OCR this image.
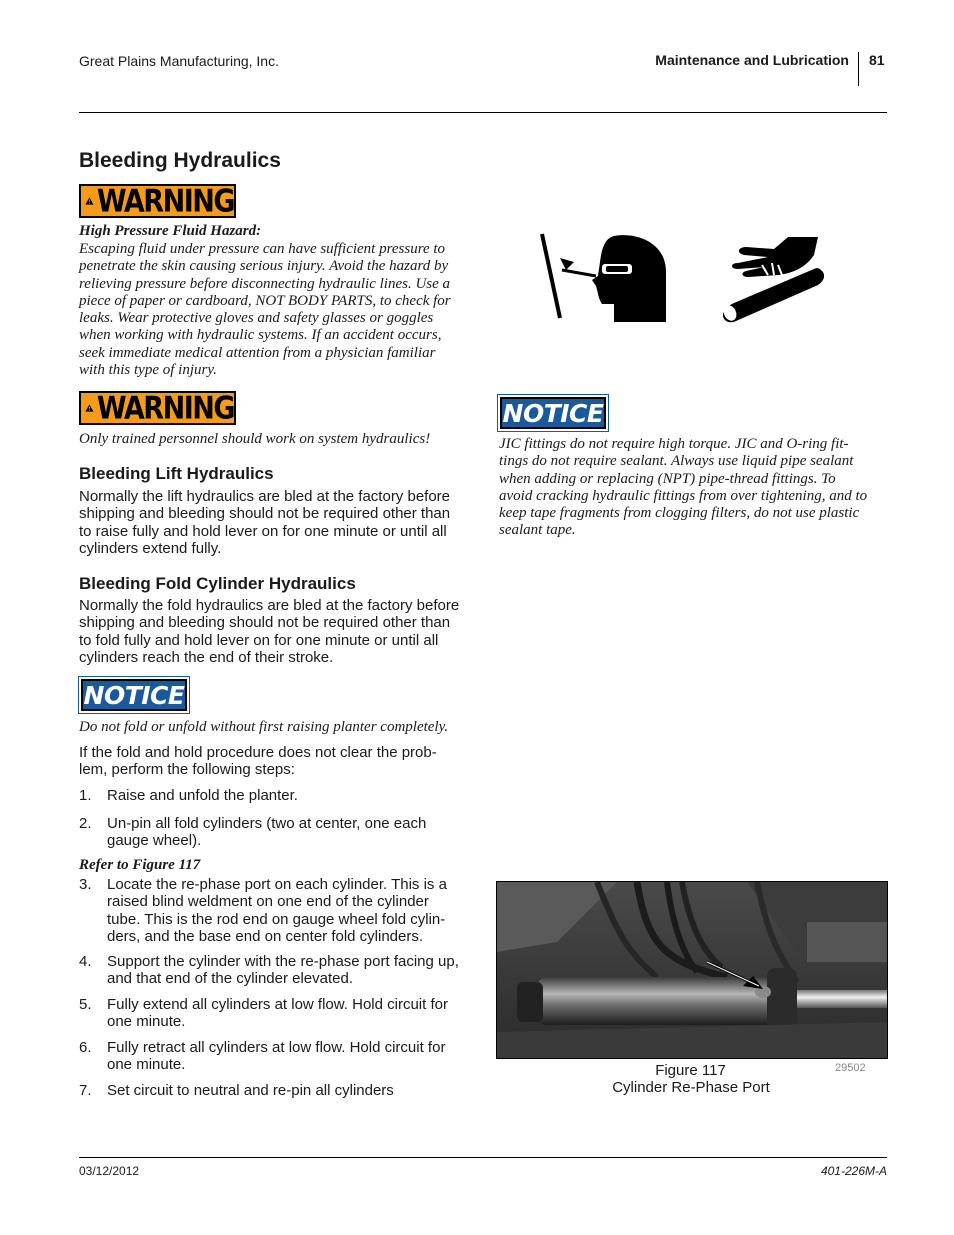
Great Plains Manufacturing, Inc.	Maintenance and Lubrication 81
Bleeding Hydraulics
WARNING
High Pressure Fluid Hazard:
Escaping fluid under pressure can have sufficient pressure to
penetrate the skin causing serious injury. Avoid the hazard by
relieving pressure before disconnecting hydraulic lines. Use a
piece of paper or cardboard, NOT BODY PARTS, to check for
leaks. Wear protective gloves and safety glasses or goggles
when working with hydraulic systems. If an accident occurs,
seek immediate medical attention from a physician familiar
with this type of injury.
WARNING
Only trained personnel should work on system hydraulics!
Bleeding Lift Hydraulics
Normally the lift hydraulics are bled at the factory before
shipping and bleeding should not be required other than
to raise fully and hold lever on for one minute or until all
cylinders extend fully.
Bleeding Fold Cylinder Hydraulics
Normally the fold hydraulics are bled at the factory before
shipping and bleeding should not be required other than
to fold fully and hold lever on for one minute or until all
cylinders reach the end of their stroke.
NOTICE
Do not fold or unfold without first raising planter completely.
If the fold and hold procedure does not clear the prob-
lem, perform the following steps:
1. Raise and unfold the planter.
2. Un-pin all fold cylinders (two at center, one each
gauge wheel).
Refer to Figure 117
3. Locate the re-phase port on each cylinder. This is a
raised blind weldment on one end of the cylinder
tube. This is the rod end on gauge wheel fold cylin-
ders, and the base end on center fold cylinders.
4. Support the cylinder with the re-phase port facing up,
and that end of the cylinder elevated.
5. Fully extend all cylinders at low flow. Hold circuit for
one minute.
6. Fully retract all cylinders at low flow. Hold circuit for
one minute.
7. Set circuit to neutral and re-pin all cylinders
NOTICE
JIC fittings do not require high torque. JIC and O-ring fit-
tings do not require sealant. Always use liquid pipe sealant
when adding or replacing (NPT) pipe-thread fittings. To
avoid cracking hydraulic fittings from over tightening, and to
keep tape fragments from clogging filters, do not use plastic
sealant tape.
Figure 117
Cylinder Re-Phase Port
29502
03/12/2012	401-226M-A
